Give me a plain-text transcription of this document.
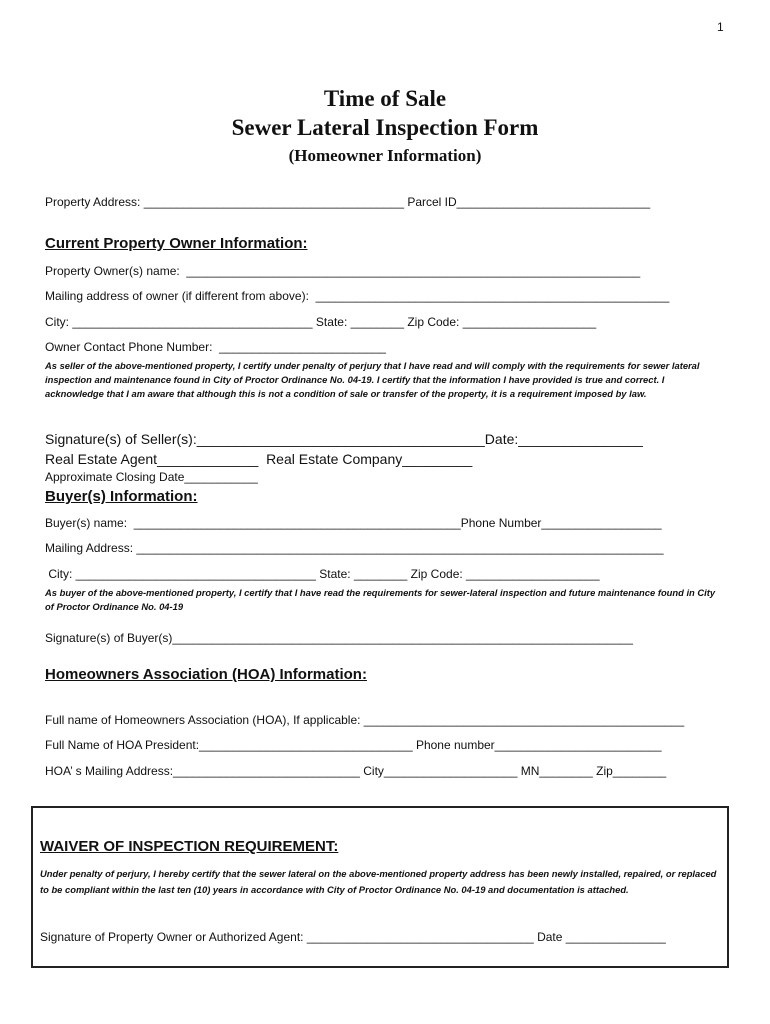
1
Time of Sale
Sewer Lateral Inspection Form
(Homeowner Information)
Property Address: _______________________________________ Parcel ID_____________________________
Current Property Owner Information:
Property Owner(s) name:  ____________________________________________________________________
Mailing address of owner (if different from above):  _____________________________________________________
City: ____________________________________ State: ________ Zip Code: ____________________
Owner Contact Phone Number:  _________________________
As seller of the above-mentioned property, I certify under penalty of perjury that I have read and will comply with the requirements for sewer lateral inspection and maintenance found in City of Proctor Ordinance No. 04-19. I certify that the information I have provided is true and correct. I acknowledge that I am aware that although this is not a condition of sale or transfer of the property, it is a requirement imposed by law.
Signature(s) of Seller(s):_____________________________________Date:________________
Real Estate Agent_____________  Real Estate Company_________
Approximate Closing Date___________
Buyer(s) Information:
Buyer(s) name:  _________________________________________________Phone Number__________________
Mailing Address: _______________________________________________________________________________
City: ____________________________________ State: ________ Zip Code: ____________________
As buyer of the above-mentioned property, I certify that I have read the requirements for sewer-lateral inspection and future maintenance found in City of Proctor Ordinance No. 04-19
Signature(s) of Buyer(s)_____________________________________________________________________
Homeowners Association (HOA) Information:
Full name of Homeowners Association (HOA), If applicable: ________________________________________________
Full Name of HOA President:________________________________ Phone number_________________________
HOA’ s Mailing Address:____________________________ City____________________ MN________ Zip________
WAIVER OF INSPECTION REQUIREMENT:
Under penalty of perjury, I hereby certify that the sewer lateral on the above-mentioned property address has been newly installed, repaired, or replaced to be compliant within the last ten (10) years in accordance with City of Proctor Ordinance No. 04-19 and documentation is attached.
Signature of Property Owner or Authorized Agent: __________________________________ Date _______________
